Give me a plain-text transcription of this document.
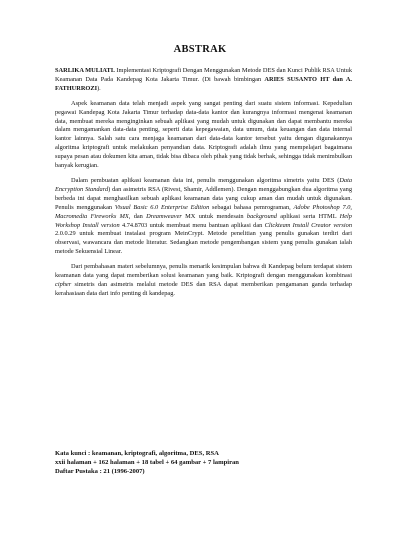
ABSTRAK

SARLIKA MULIATI. Implementasi Kriptografi Dengan Menggunakan Metode DES dan Kunci Publik RSA Untuk Keamanan Data Pada Kandepag Kota Jakarta Timur. (Di bawah bimbingan ARIES SUSANTO HT dan A. FATHURROZI).

Aspek keamanan data telah menjadi aspek yang sangat penting dari suatu sistem informasi. Kepedulian pegawai Kandepag Kota Jakarta Timur terhadap data-data kantor dan kurangnya informasi mengenai keamanan data, membuat mereka menginginkan sebuah aplikasi yang mudah untuk digunakan dan dapat membantu mereka dalam mengamankan data-data penting, seperti data kepegawaian, data umum, data keuangan dan data internal kantor lainnya. Salah satu cara menjaga keamanan dari data-data kantor tersebut yaitu dengan digunakannya algoritma kriptografi untuk melakukan penyandian data. Kriptografi adalah ilmu yang mempelajari bagaimana supaya pesan atau dokumen kita aman, tidak bisa dibaca oleh pihak yang tidak berhak, sehingga tidak menimbulkan banyak kerugian.

Dalam pembuatan aplikasi keamanan data ini, penulis menggunakan algoritma simetris yaitu DES (Data Encryption Standard) dan asimetris RSA (Rivest, Shamir, Addlemen). Dengan menggabungkan dua algoritma yang berbeda ini dapat menghasilkan sebuah aplikasi keamanan data yang cukup aman dan mudah untuk digunakan. Penulis menggunakan Visual Basic 6.0 Enterprise Edition sebagai bahasa pemrograman, Adobe Photoshop 7.0, Macromedia Fireworks MX, dan Dreamweaver MX untuk mendesain background aplikasi serta HTML Help Workshop Install version 4.74.8703 untuk membuat menu bantuan aplikasi dan Clickteam Install Creator version 2.0.0.29 untuk membuat instalasi program MeinCrypt. Metode penelitian yang penulis gunakan terdiri dari observasi, wawancara dan metode literatur. Sedangkan metode pengembangan sistem yang penulis gunakan ialah metode Sekuensial Linear.

Dari pembahasan materi sebelumnya, penulis menarik kesimpulan bahwa di Kandepag belum terdapat sistem keamanan data yang dapat memberikan solusi keamanan yang baik. Kriptografi dengan menggunakan kombinasi cipher simetris dan asimetris melalui metode DES dan RSA dapat memberikan pengamanan ganda terhadap kerahasiaan data dari info penting di kandepag.

Kata kunci : keamanan, kriptografi, algoritma, DES, RSA
xxii halaman + 162 halaman + 18 tabel + 64 gambar + 7 lampiran
Daftar Pustaka : 21 (1996-2007)
